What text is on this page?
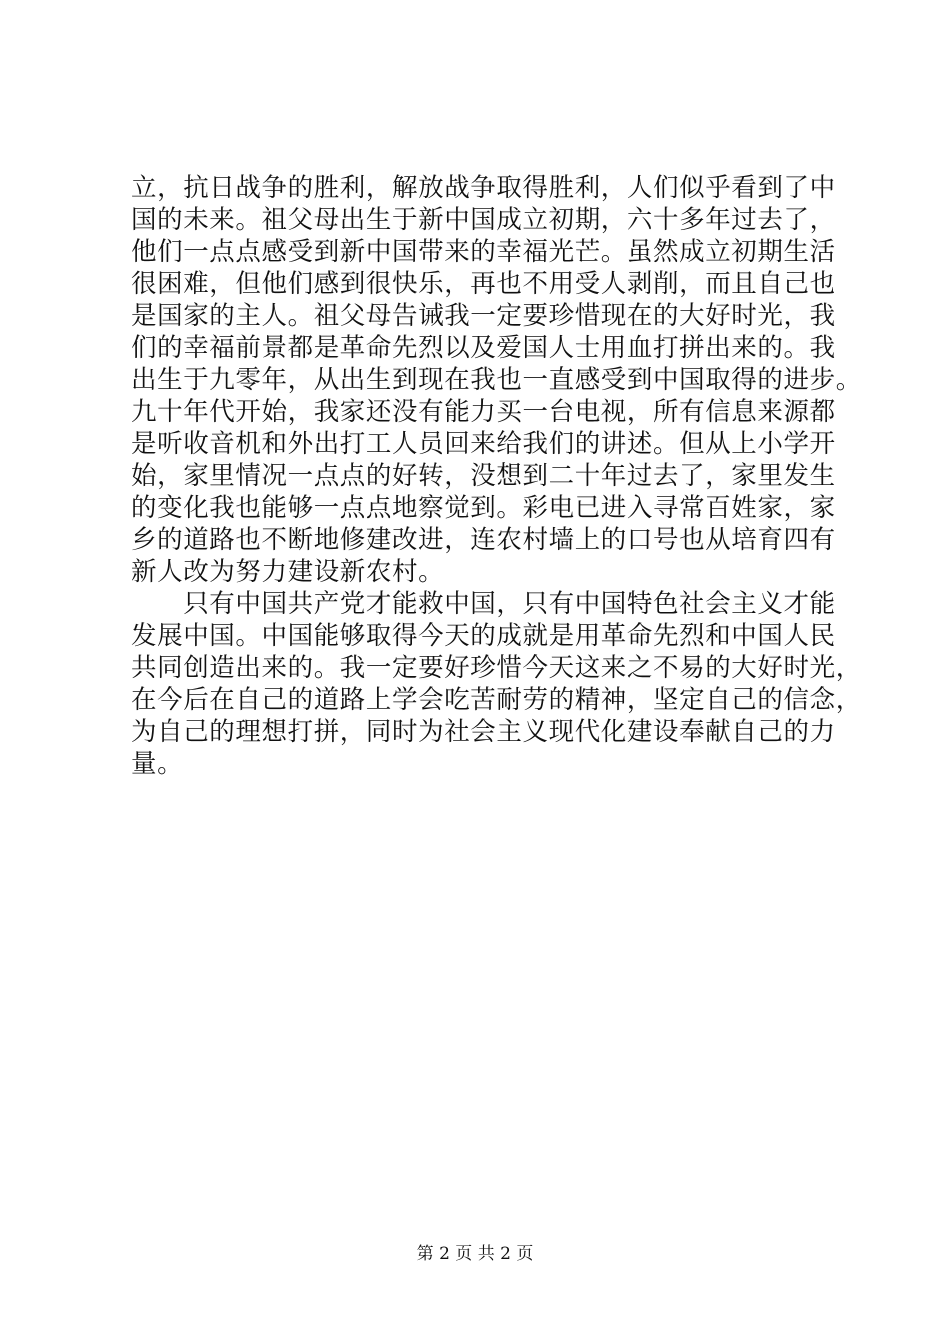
立，抗日战争的胜利，解放战争取得胜利，人们似乎看到了中
国的未来。祖父母出生于新中国成立初期，六十多年过去了，
他们一点点感受到新中国带来的幸福光芒。虽然成立初期生活
很困难，但他们感到很快乐，再也不用受人剥削，而且自己也
是国家的主人。祖父母告诫我一定要珍惜现在的大好时光，我
们的幸福前景都是革命先烈以及爱国人士用血打拼出来的。我
出生于九零年，从出生到现在我也一直感受到中国取得的进步。
九十年代开始，我家还没有能力买一台电视，所有信息来源都
是听收音机和外出打工人员回来给我们的讲述。但从上小学开
始，家里情况一点点的好转，没想到二十年过去了，家里发生
的变化我也能够一点点地察觉到。彩电已进入寻常百姓家，家
乡的道路也不断地修建改进，连农村墙上的口号也从培育四有
新人改为努力建设新农村。
　　只有中国共产党才能救中国，只有中国特色社会主义才能
发展中国。中国能够取得今天的成就是用革命先烈和中国人民
共同创造出来的。我一定要好珍惜今天这来之不易的大好时光，
在今后在自己的道路上学会吃苦耐劳的精神，坚定自己的信念，
为自己的理想打拼，同时为社会主义现代化建设奉献自己的力
量。
第 2 页 共 2 页
